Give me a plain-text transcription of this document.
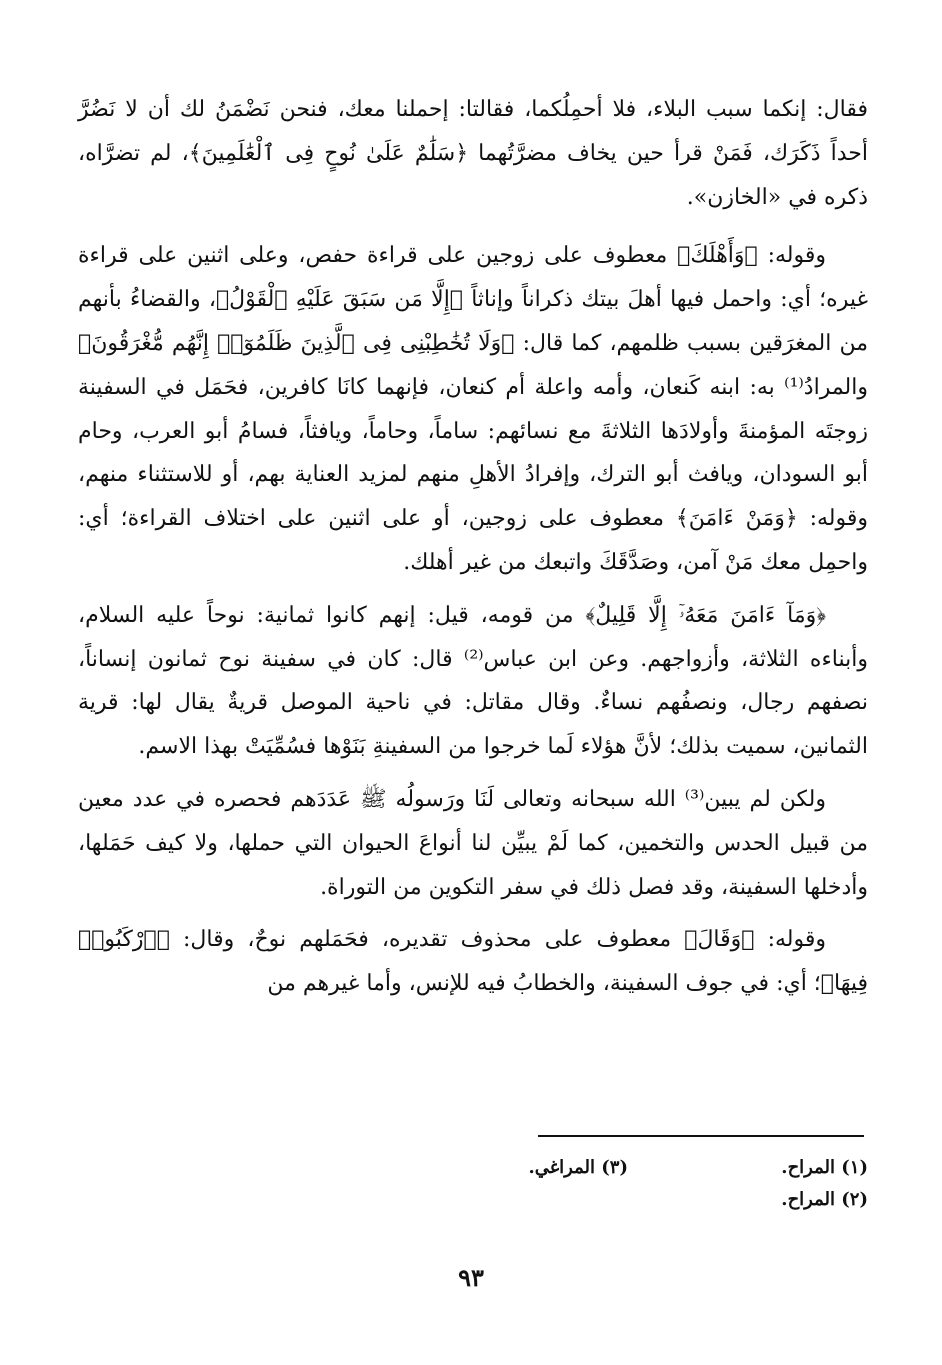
فقال: إنكما سبب البلاء، فلا أحمِلُكما، فقالتا: إحملنا معك، فنحن نَضْمَنُ لك أن لا نَضُرَّ أحداً ذَكَرَك، فَمَنْ قرأ حين يخاف مضرَّتُهما ﴿سَلَٰمٌ عَلَىٰ نُوحٍ فِى ٱلْعَٰلَمِينَ﴾، لم تضرَّاه، ذكره في «الخازن».

وقوله: ﴿وَأَهْلَكَ﴾ معطوف على زوجين على قراءة حفص، وعلى اثنين على قراءة غيره؛ أي: واحمل فيها أهلَ بيتك ذكراناً وإناثاً ﴿إِلَّا مَن سَبَقَ عَلَيْهِ ٱلْقَوْلُ﴾، والقضاءُ بأنهم من المغرَقين بسبب ظلمهم، كما قال: ﴿وَلَا تُخَٰطِبْنِى فِى ٱلَّذِينَ ظَلَمُوٓا۟ إِنَّهُم مُّغْرَقُونَ﴾ والمرادُ⁽¹⁾ به: ابنه كَنعان، وأمه واعلة أم كنعان، فإنهما كانَا كافرين، فحَمَل في السفينة زوجتَه المؤمنةَ وأولادَها الثلاثةَ مع نسائهم: ساماً، وحاماً، ويافثاً، فسامُ أبو العرب، وحام أبو السودان، ويافث أبو الترك، وإفرادُ الأهلِ منهم لمزيد العناية بهم، أو للاستثناء منهم، وقوله: ﴿وَمَنْ ءَامَنَ﴾ معطوف على زوجين، أو على اثنين على اختلاف القراءة؛ أي: واحمِل معك مَنْ آمن، وصَدَّقَكَ واتبعك من غير أهلك.

﴿وَمَآ ءَامَنَ مَعَهُۥٓ إِلَّا قَلِيلٌ﴾ من قومه، قيل: إنهم كانوا ثمانية: نوحاً عليه السلام، وأبناءه الثلاثة، وأزواجهم. وعن ابن عباس⁽²⁾ قال: كان في سفينة نوح ثمانون إنساناً، نصفهم رجال، ونصفُهم نساءٌ. وقال مقاتل: في ناحية الموصل قريةٌ يقال لها: قرية الثمانين، سميت بذلك؛ لأنَّ هؤلاء لَما خرجوا من السفينةِ بَنَوْها فسُمِّيَتْ بهذا الاسم.

ولكن لم يبين⁽³⁾ الله سبحانه وتعالى لَنَا ورَسولُه ﷺ عَدَدَهم فحصره في عدد معين من قبيل الحدس والتخمين، كما لَمْ يبيِّن لنا أنواعَ الحيوان التي حملها، ولا كيف حَمَلها، وأدخلها السفينة، وقد فصل ذلك في سفر التكوين من التوراة.

وقوله: ﴿وَقَالَ﴾ معطوف على محذوف تقديره، فحَمَلهم نوحٌ، وقال: ﴿ٱرْكَبُوا۟ فِيهَا﴾؛ أي: في جوف السفينة، والخطابُ فيه للإنس، وأما غيرهم من

(١) المراح.
(٣) المراغي.
(٢) المراح.
٩٣
